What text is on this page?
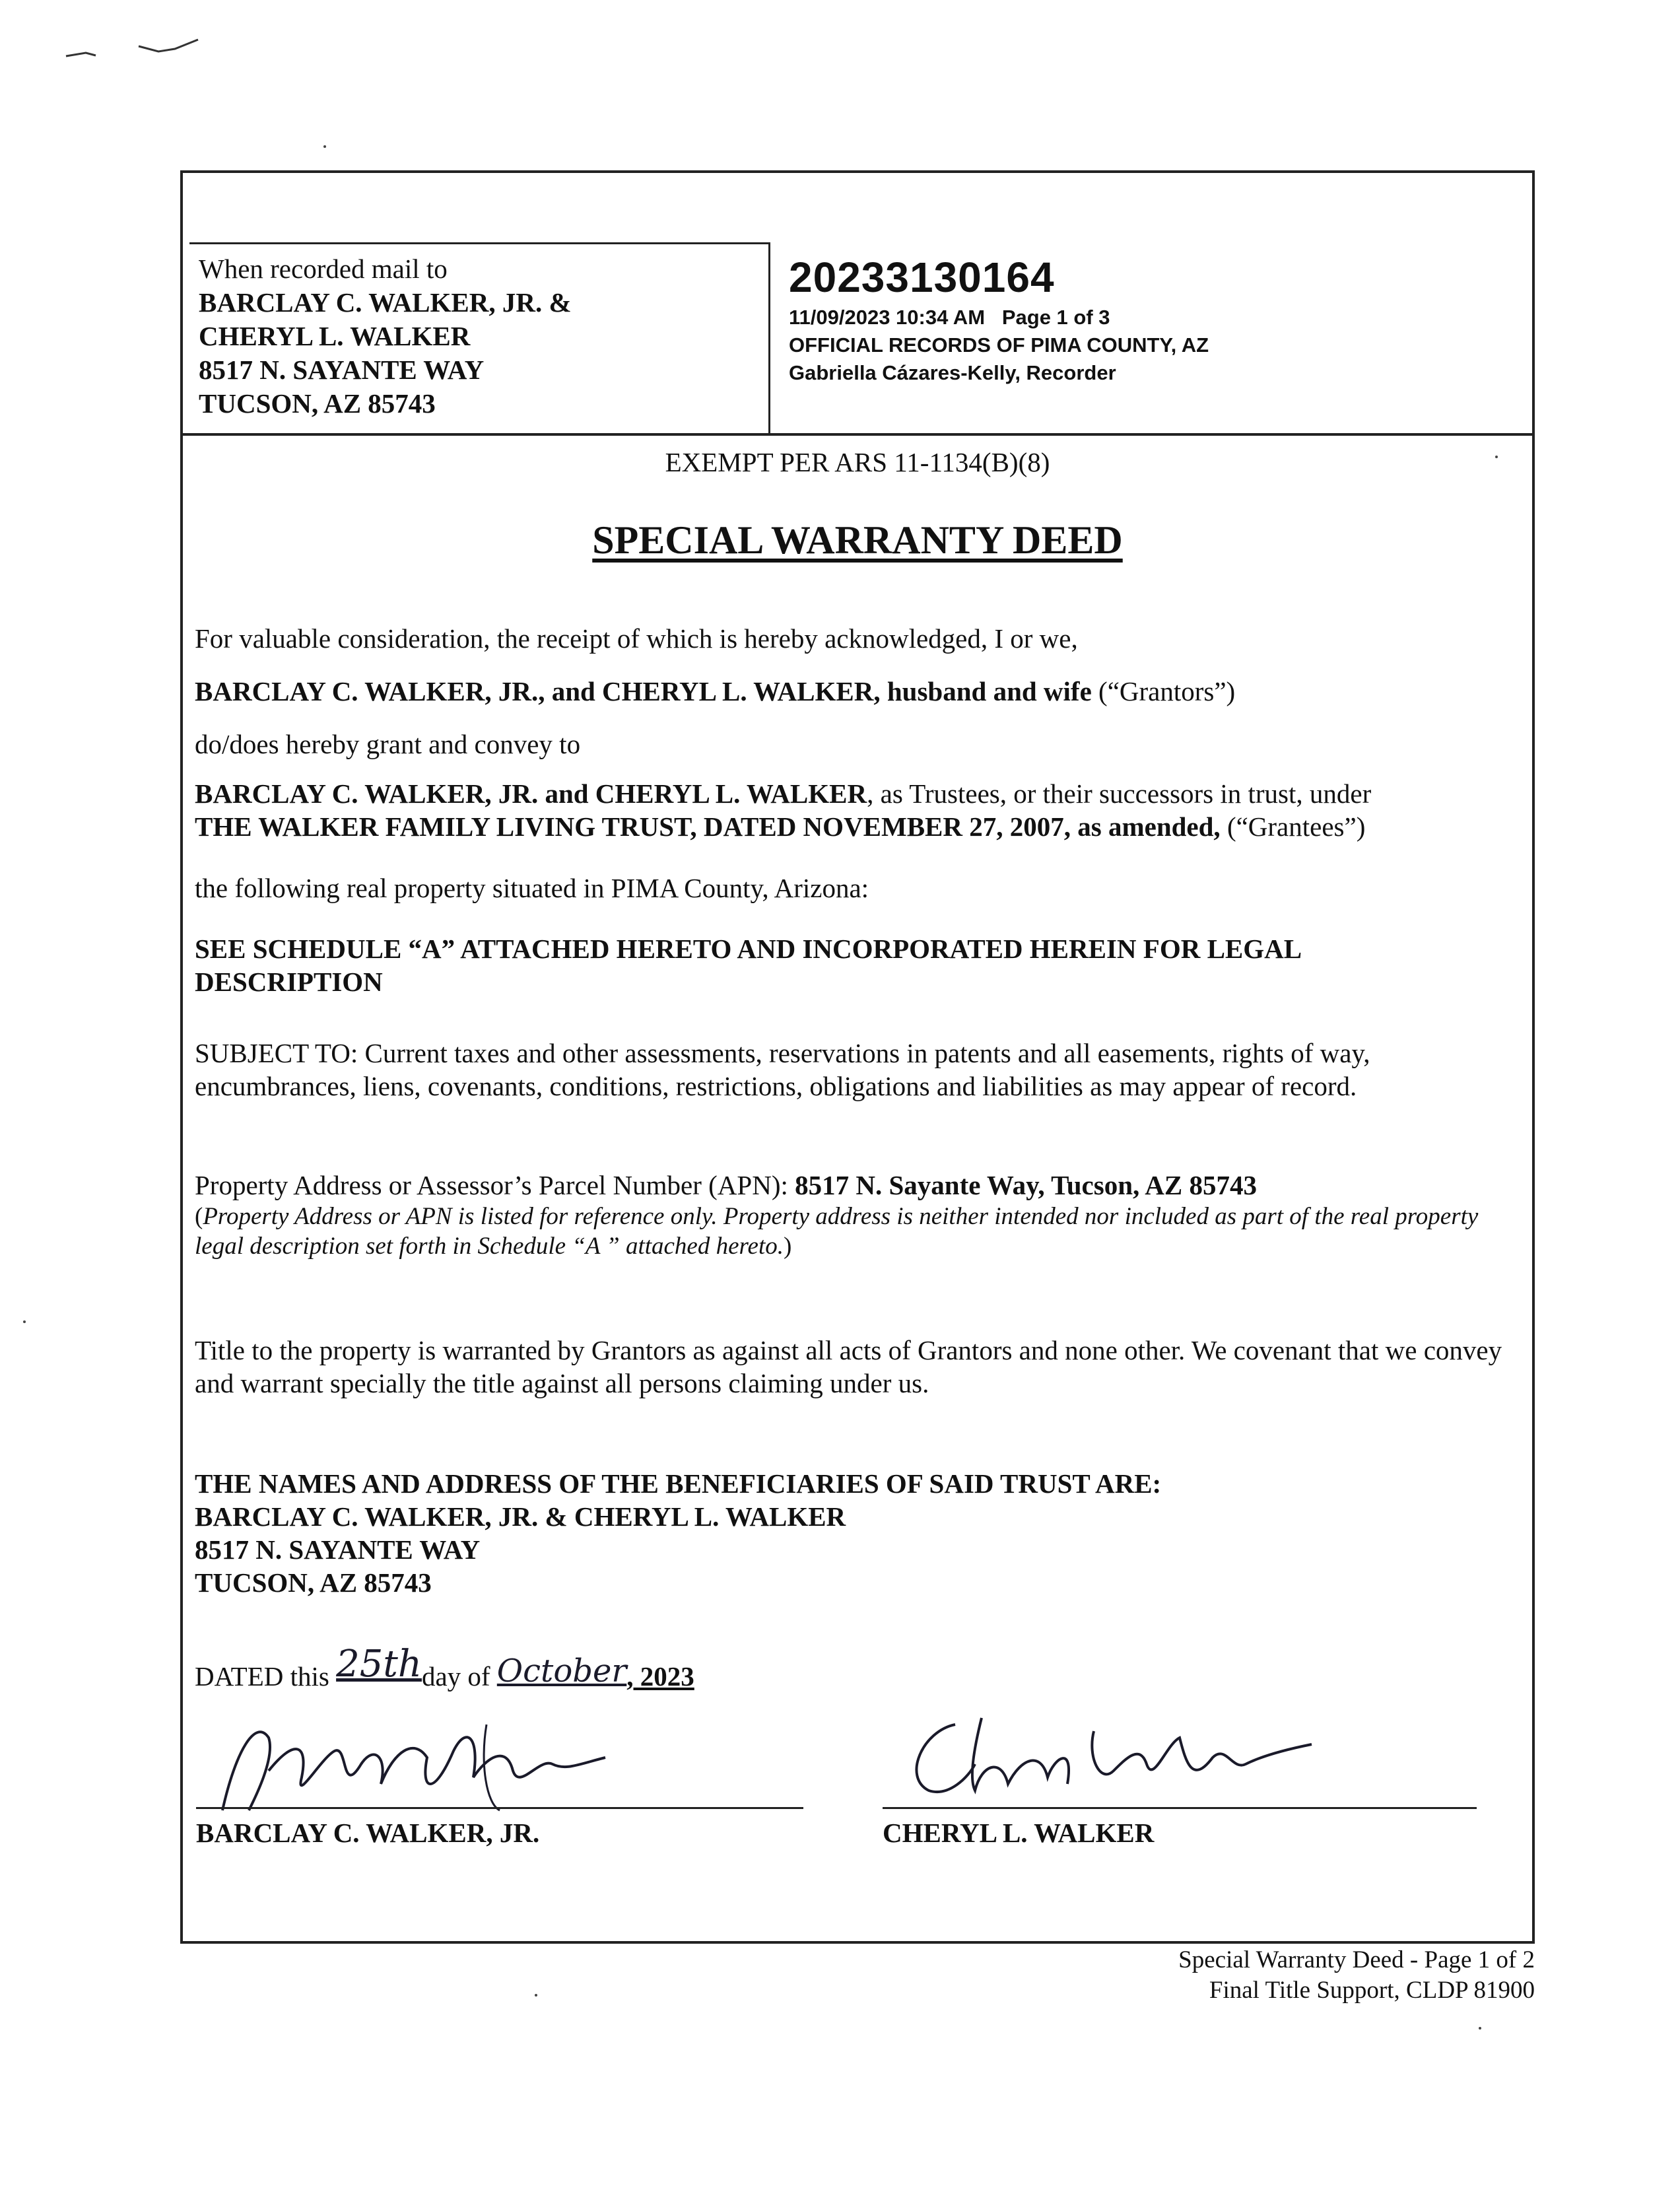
When recorded mail to
BARCLAY C. WALKER, JR. &
CHERYL L. WALKER
8517 N. SAYANTE WAY
TUCSON, AZ 85743
20233130164
11/09/2023 10:34 AM   Page 1 of 3
OFFICIAL RECORDS OF PIMA COUNTY, AZ
Gabriella Cázares-Kelly, Recorder
EXEMPT PER ARS 11-1134(B)(8)
SPECIAL WARRANTY DEED
For valuable consideration, the receipt of which is hereby acknowledged, I or we,
BARCLAY C. WALKER, JR., and CHERYL L. WALKER, husband and wife (“Grantors”)
do/does hereby grant and convey to
BARCLAY C. WALKER, JR. and CHERYL L. WALKER, as Trustees, or their successors in trust, under
THE WALKER FAMILY LIVING TRUST, DATED NOVEMBER 27, 2007, as amended, (“Grantees”)
the following real property situated in PIMA County, Arizona:
SEE SCHEDULE “A” ATTACHED HERETO AND INCORPORATED HEREIN FOR LEGAL DESCRIPTION
SUBJECT TO: Current taxes and other assessments, reservations in patents and all easements, rights of way, encumbrances, liens, covenants, conditions, restrictions, obligations and liabilities as may appear of record.
Property Address or Assessor’s Parcel Number (APN): 8517 N. Sayante Way, Tucson, AZ 85743
(Property Address or APN is listed for reference only. Property address is neither intended nor included as part of the real property legal description set forth in Schedule “A ” attached hereto.)
Title to the property is warranted by Grantors as against all acts of Grantors and none other. We covenant that we convey and warrant specially the title against all persons claiming under us.
THE NAMES AND ADDRESS OF THE BENEFICIARIES OF SAID TRUST ARE:
BARCLAY C. WALKER, JR. & CHERYL L. WALKER
8517 N. SAYANTE WAY
TUCSON, AZ 85743
DATED this 25thday of October, 2023
BARCLAY C. WALKER, JR.	CHERYL L. WALKER
Special Warranty Deed - Page 1 of 2
Final Title Support, CLDP 81900
